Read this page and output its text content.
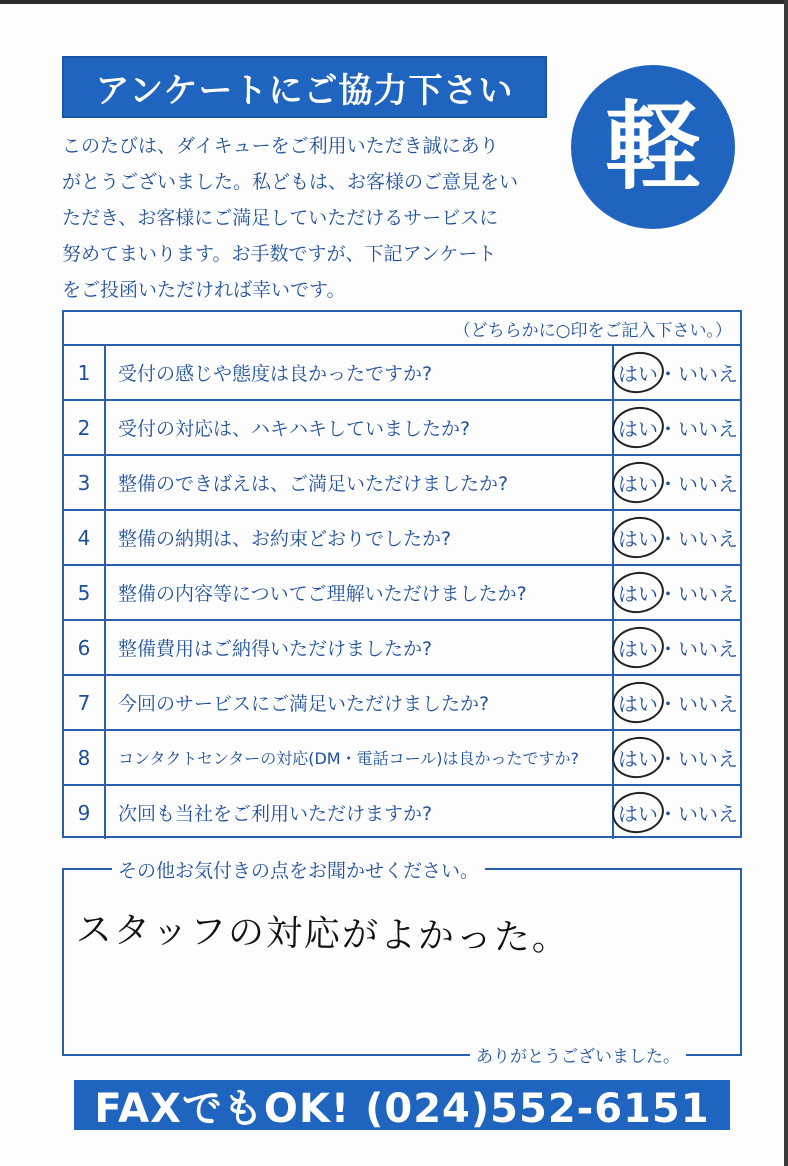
アンケートにご協力下さい
軽
このたびは、ダイキューをご利用いただき誠にあり
がとうございました。私どもは、お客様のご意見をい
ただき、お客様にご満足していただけるサービスに
努めてまいります。お手数ですが、下記アンケート
をご投函いただければ幸いです。
（どちらかに○印をご記入下さい。）
1	受付の感じや態度は良かったですか?	はい ・ いいえ
2	受付の対応は、ハキハキしていましたか?	はい ・ いいえ
3	整備のできばえは、ご満足いただけましたか?	はい ・ いいえ
4	整備の納期は、お約束どおりでしたか?	はい ・ いいえ
5	整備の内容等についてご理解いただけましたか?	はい ・ いいえ
6	整備費用はご納得いただけましたか?	はい ・ いいえ
7	今回のサービスにご満足いただけましたか?	はい ・ いいえ
8	コンタクトセンターの対応(DM・電話コール)は良かったですか? はい ・ いいえ
9	次回も当社をご利用いただけますか?	はい ・ いいえ
その他お気付きの点をお聞かせください。
スタッフの対応がよかった。
ありがとうございました。
FAXでもOK! (024)552-6151
